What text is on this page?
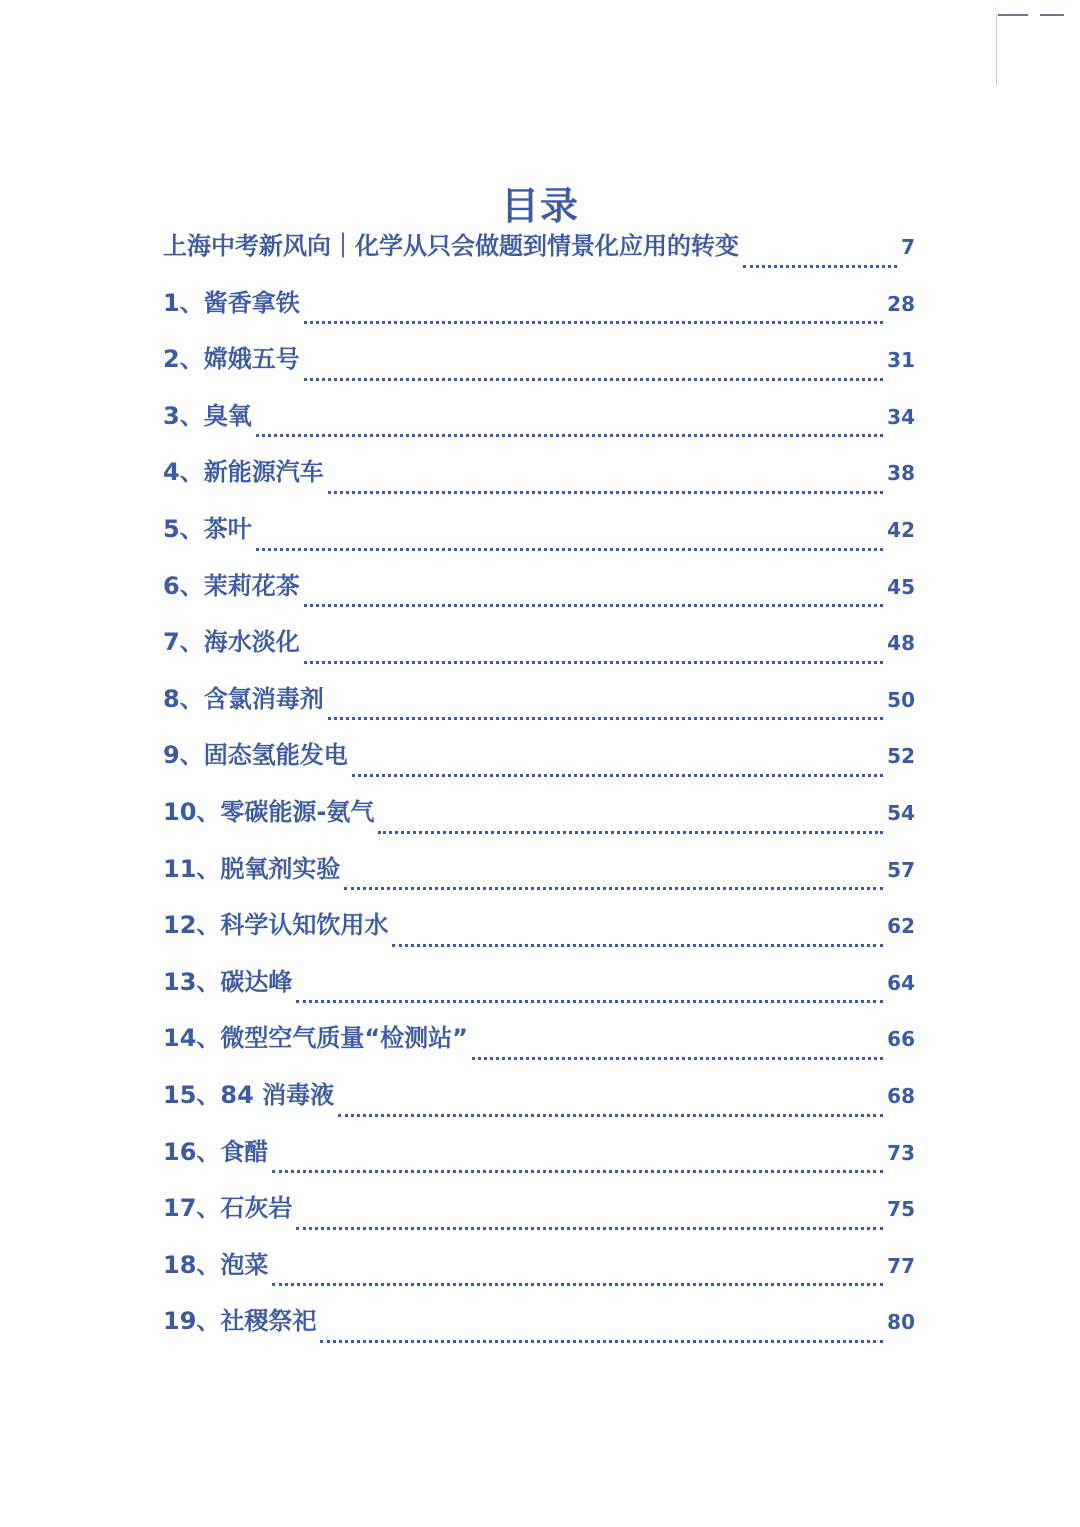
目录
上海中考新风向｜化学从只会做题到情景化应用的转变	7
1、酱香拿铁	28
2、嫦娥五号	31
3、臭氧	34
4、新能源汽车	38
5、茶叶	42
6、茉莉花茶	45
7、海水淡化	48
8、含氯消毒剂	50
9、固态氢能发电	52
10、零碳能源-氨气	54
11、脱氧剂实验	57
12、科学认知饮用水	62
13、碳达峰	64
14、微型空气质量“检测站”	66
15、84 消毒液	68
16、食醋	73
17、石灰岩	75
18、泡菜	77
19、社稷祭祀	80
